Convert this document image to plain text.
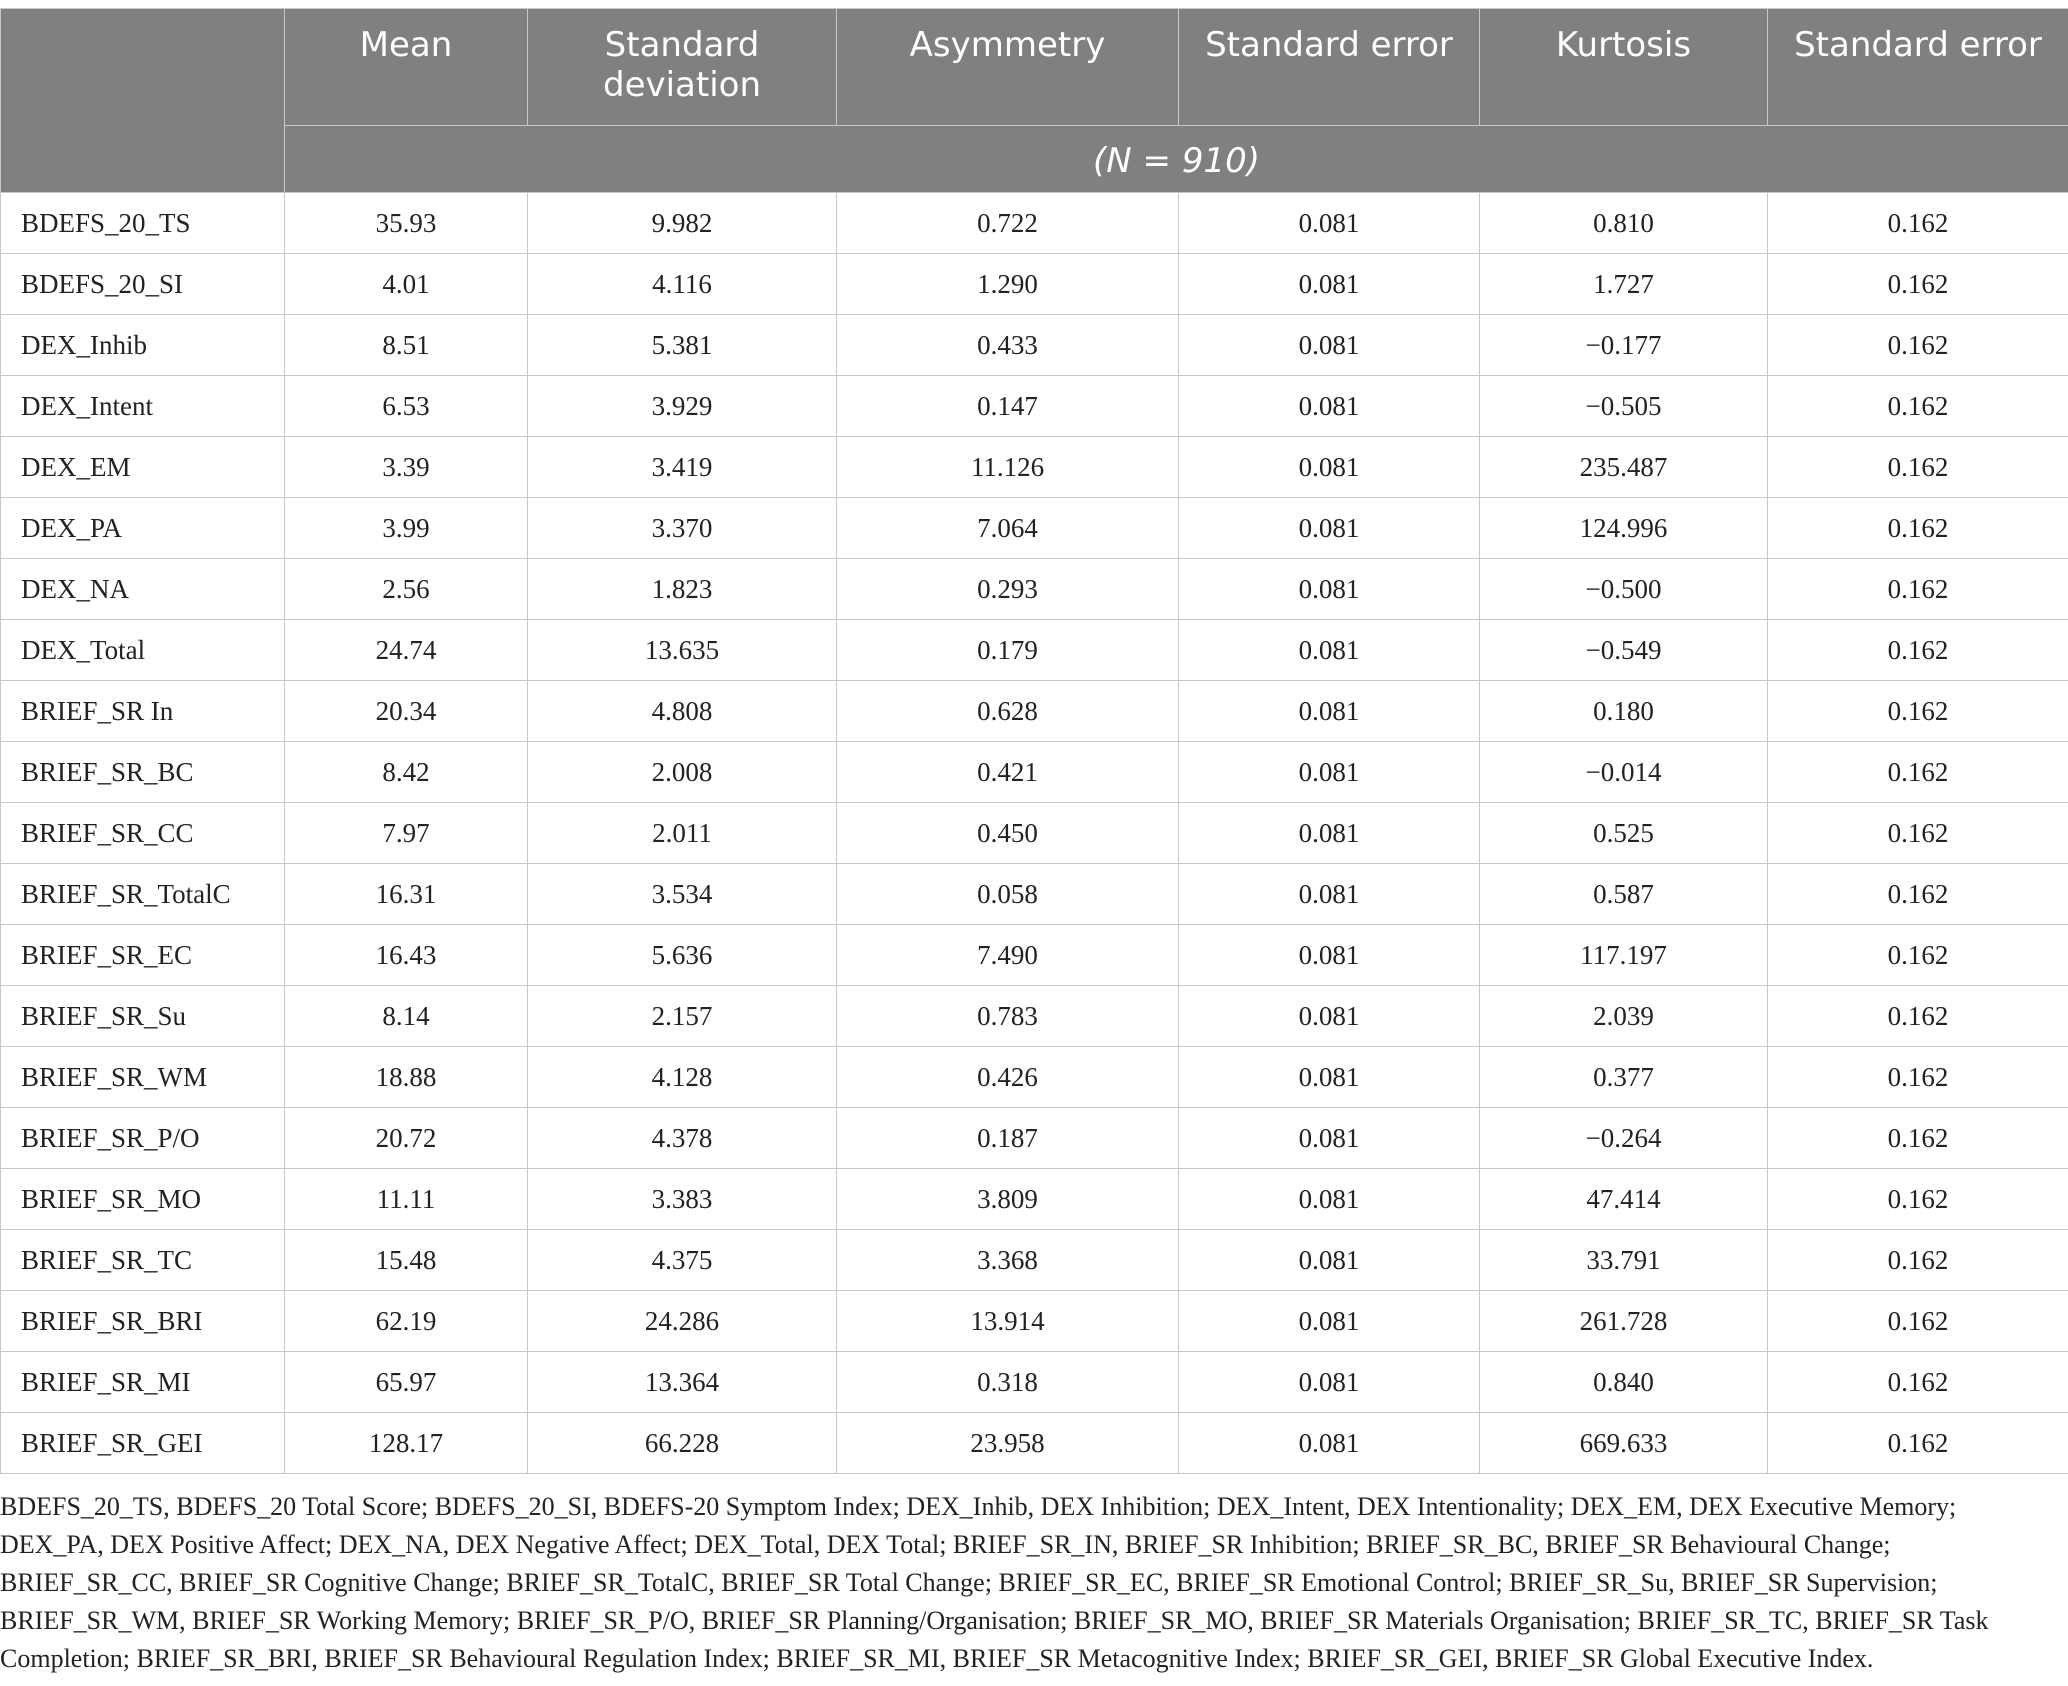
	Mean	Standard deviation	Asymmetry	Standard error	Kurtosis	Standard error
	(N = 910)					
BDEFS_20_TS	35.93	9.982	0.722	0.081	0.810	0.162
BDEFS_20_SI	4.01	4.116	1.290	0.081	1.727	0.162
DEX_Inhib	8.51	5.381	0.433	0.081	−0.177	0.162
DEX_Intent	6.53	3.929	0.147	0.081	−0.505	0.162
DEX_EM	3.39	3.419	11.126	0.081	235.487	0.162
DEX_PA	3.99	3.370	7.064	0.081	124.996	0.162
DEX_NA	2.56	1.823	0.293	0.081	−0.500	0.162
DEX_Total	24.74	13.635	0.179	0.081	−0.549	0.162
BRIEF_SR In	20.34	4.808	0.628	0.081	0.180	0.162
BRIEF_SR_BC	8.42	2.008	0.421	0.081	−0.014	0.162
BRIEF_SR_CC	7.97	2.011	0.450	0.081	0.525	0.162
BRIEF_SR_TotalC	16.31	3.534	0.058	0.081	0.587	0.162
BRIEF_SR_EC	16.43	5.636	7.490	0.081	117.197	0.162
BRIEF_SR_Su	8.14	2.157	0.783	0.081	2.039	0.162
BRIEF_SR_WM	18.88	4.128	0.426	0.081	0.377	0.162
BRIEF_SR_P/O	20.72	4.378	0.187	0.081	−0.264	0.162
BRIEF_SR_MO	11.11	3.383	3.809	0.081	47.414	0.162
BRIEF_SR_TC	15.48	4.375	3.368	0.081	33.791	0.162
BRIEF_SR_BRI	62.19	24.286	13.914	0.081	261.728	0.162
BRIEF_SR_MI	65.97	13.364	0.318	0.081	0.840	0.162
BRIEF_SR_GEI	128.17	66.228	23.958	0.081	669.633	0.162

BDEFS_20_TS, BDEFS_20 Total Score; BDEFS_20_SI, BDEFS-20 Symptom Index; DEX_Inhib, DEX Inhibition; DEX_Intent, DEX Intentionality; DEX_EM, DEX Executive Memory; DEX_PA, DEX Positive Affect; DEX_NA, DEX Negative Affect; DEX_Total, DEX Total; BRIEF_SR_IN, BRIEF_SR Inhibition; BRIEF_SR_BC, BRIEF_SR Behavioural Change; BRIEF_SR_CC, BRIEF_SR Cognitive Change; BRIEF_SR_TotalC, BRIEF_SR Total Change; BRIEF_SR_EC, BRIEF_SR Emotional Control; BRIEF_SR_Su, BRIEF_SR Supervision; BRIEF_SR_WM, BRIEF_SR Working Memory; BRIEF_SR_P/O, BRIEF_SR Planning/Organisation; BRIEF_SR_MO, BRIEF_SR Materials Organisation; BRIEF_SR_TC, BRIEF_SR Task Completion; BRIEF_SR_BRI, BRIEF_SR Behavioural Regulation Index; BRIEF_SR_MI, BRIEF_SR Metacognitive Index; BRIEF_SR_GEI, BRIEF_SR Global Executive Index.
